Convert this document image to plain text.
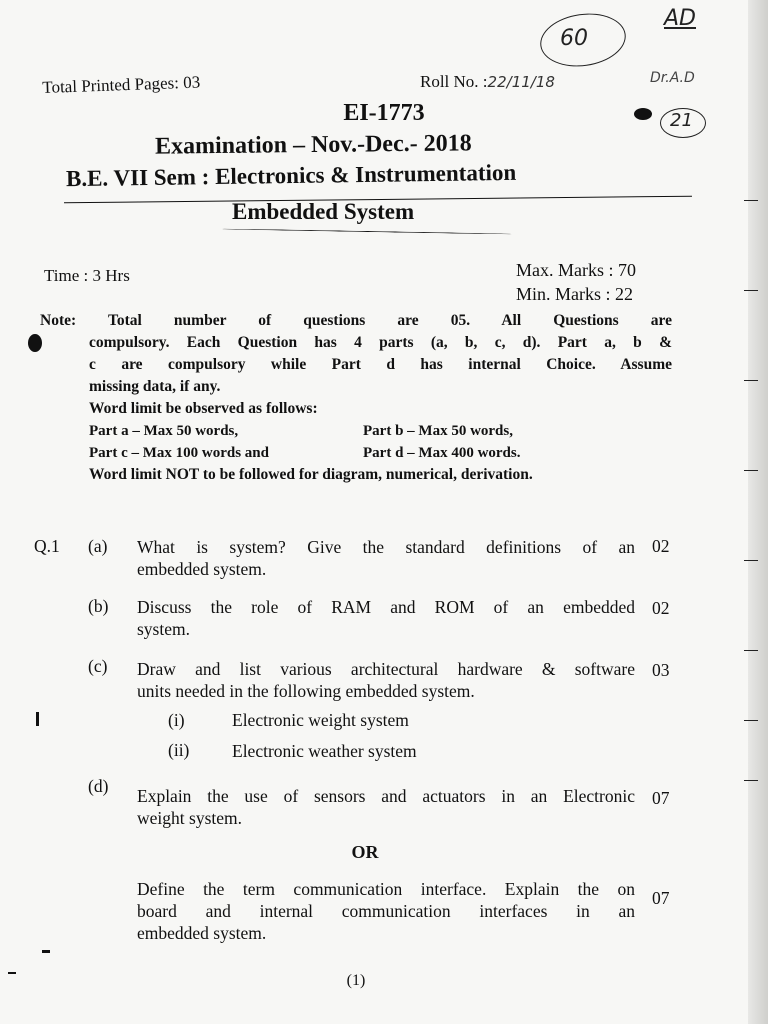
Total Printed Pages: 03	Roll No. :22/11/18
60
AD
Dr.A.D
21
EI-1773
Examination – Nov.-Dec.- 2018
B.E. VII Sem : Electronics & Instrumentation
Embedded System
Time : 3 Hrs	Max. Marks : 70
Min. Marks : 22

Note: Total number of questions are 05. All Questions are

compulsory. Each Question has 4 parts (a, b, c, d). Part a, b &

c are compulsory while Part d has internal Choice. Assume

missing data, if any.

Word limit be observed as follows:

Part a – Max 50 words,	Part b – Max 50 words,
Part c – Max 100 words and	Part d – Max 400 words.

Word limit NOT to be followed for diagram, numerical, derivation.

Q.1 (a) What is system? Give the standard definitions of an

embedded system.

02
(b) Discuss the role of RAM and ROM of an embedded

system.

02
(c) Draw and list various architectural hardware & software

units needed in the following embedded system.

03
(i)	Electronic weight system
(ii) Electronic weather system
(d) Explain the use of sensors and actuators in an Electronic

weight system.

07
OR

Define the term communication interface. Explain the on

board and internal communication interfaces in an

embedded system.

07
(1)
